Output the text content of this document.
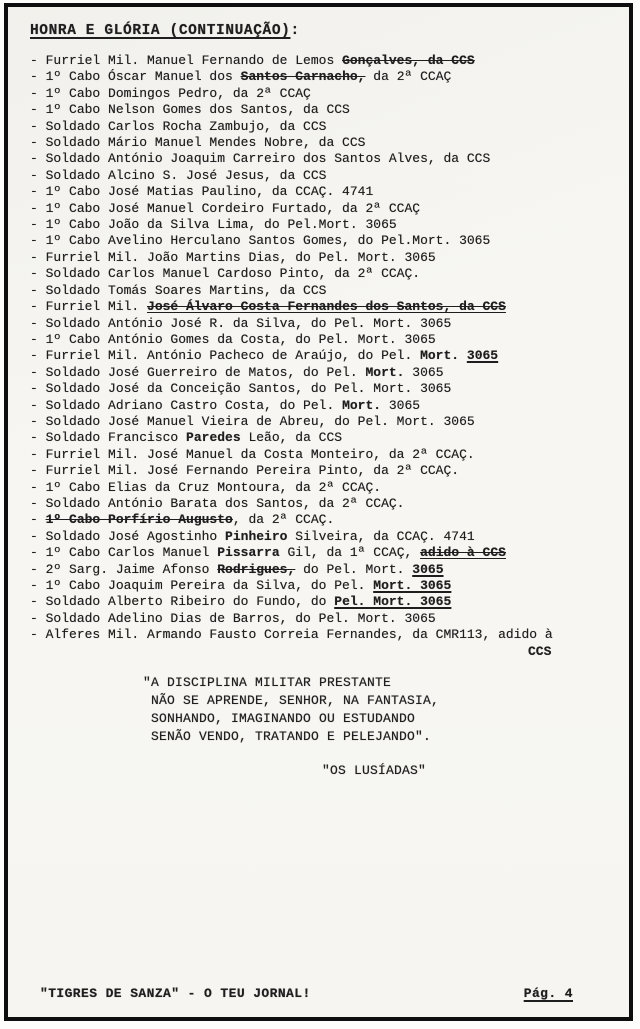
HONRA E GLÓRIA (CONTINUAÇÃO):
- Furriel Mil. Manuel Fernando de Lemos Gonçalves, da CCS
- 1º Cabo Óscar Manuel dos Santos Carnacho, da 2ª CCAÇ
- 1º Cabo Domingos Pedro, da 2ª CCAÇ
- 1º Cabo Nelson Gomes dos Santos, da CCS
- Soldado Carlos Rocha Zambujo, da CCS
- Soldado Mário Manuel Mendes Nobre, da CCS
- Soldado António Joaquim Carreiro dos Santos Alves, da CCS
- Soldado Alcino S. José Jesus, da CCS
- 1º Cabo José Matias Paulino, da CCAÇ. 4741
- 1º Cabo José Manuel Cordeiro Furtado, da 2ª CCAÇ
- 1º Cabo João da Silva Lima, do Pel.Mort. 3065
- 1º Cabo Avelino Herculano Santos Gomes, do Pel.Mort. 3065
- Furriel Mil. João Martins Dias, do Pel. Mort. 3065
- Soldado Carlos Manuel Cardoso Pinto, da 2ª CCAÇ.
- Soldado Tomás Soares Martins, da CCS
- Furriel Mil. José Álvaro Costa Fernandes dos Santos, da CCS
- Soldado António José R. da Silva, do Pel. Mort. 3065
- 1º Cabo António Gomes da Costa, do Pel. Mort. 3065
- Furriel Mil. António Pacheco de Araújo, do Pel. Mort. 3065
- Soldado José Guerreiro de Matos, do Pel. Mort. 3065
- Soldado José da Conceição Santos, do Pel. Mort. 3065
- Soldado Adriano Castro Costa, do Pel. Mort. 3065
- Soldado José Manuel Vieira de Abreu, do Pel. Mort. 3065
- Soldado Francisco Paredes Leão, da CCS
- Furriel Mil. José Manuel da Costa Monteiro, da 2ª CCAÇ.
- Furriel Mil. José Fernando Pereira Pinto, da 2ª CCAÇ.
- 1º Cabo Elias da Cruz Montoura, da 2ª CCAÇ.
- Soldado António Barata dos Santos, da 2ª CCAÇ.
- 1º Cabo Porfírio Augusto, da 2ª CCAÇ.
- Soldado José Agostinho Pinheiro Silveira, da CCAÇ. 4741
- 1º Cabo Carlos Manuel Pissarra Gil, da 1ª CCAÇ, adido à CCS
- 2º Sarg. Jaime Afonso Rodrigues, do Pel. Mort. 3065
- 1º Cabo Joaquim Pereira da Silva, do Pel. Mort. 3065
- Soldado Alberto Ribeiro do Fundo, do Pel. Mort. 3065
- Soldado Adelino Dias de Barros, do Pel. Mort. 3065
- Alferes Mil. Armando Fausto Correia Fernandes, da CMR113, adido à
CCS
"A DISCIPLINA MILITAR PRESTANTE
NÃO SE APRENDE, SENHOR, NA FANTASIA,
SONHANDO, IMAGINANDO OU ESTUDANDO
SENÃO VENDO, TRATANDO E PELEJANDO".
"OS LUSÍADAS"
"TIGRES DE SANZA" - O TEU JORNAL!	Pág. 4
